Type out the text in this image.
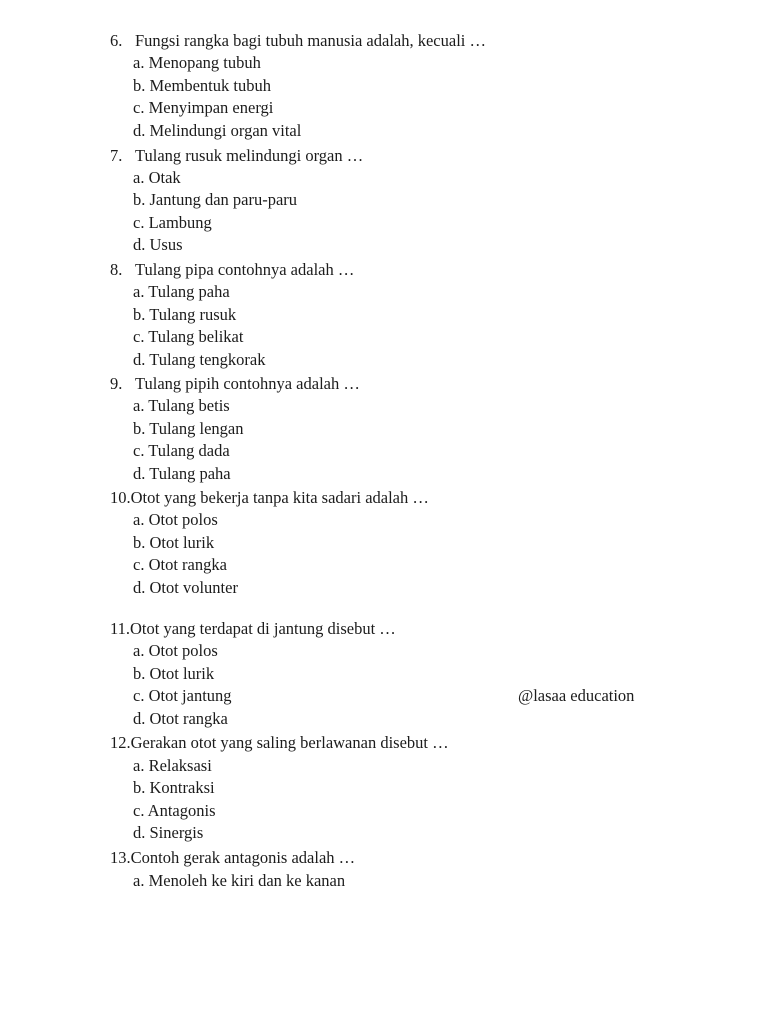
6. Fungsi rangka bagi tubuh manusia adalah, kecuali …
a. Menopang tubuh
b. Membentuk tubuh
c. Menyimpan energi
d. Melindungi organ vital
7. Tulang rusuk melindungi organ …
a. Otak
b. Jantung dan paru-paru
c. Lambung
d. Usus
8. Tulang pipa contohnya adalah …
a. Tulang paha
b. Tulang rusuk
c. Tulang belikat
d. Tulang tengkorak
9. Tulang pipih contohnya adalah …
a. Tulang betis
b. Tulang lengan
c. Tulang dada
d. Tulang paha
10.Otot yang bekerja tanpa kita sadari adalah …
a. Otot polos
b. Otot lurik
c. Otot rangka
d. Otot volunter
11.Otot yang terdapat di jantung disebut …
a. Otot polos
b. Otot lurik
c. Otot jantung
d. Otot rangka
@lasaa education
12.Gerakan otot yang saling berlawanan disebut …
a. Relaksasi
b. Kontraksi
c. Antagonis
d. Sinergis
13.Contoh gerak antagonis adalah …
a. Menoleh ke kiri dan ke kanan
